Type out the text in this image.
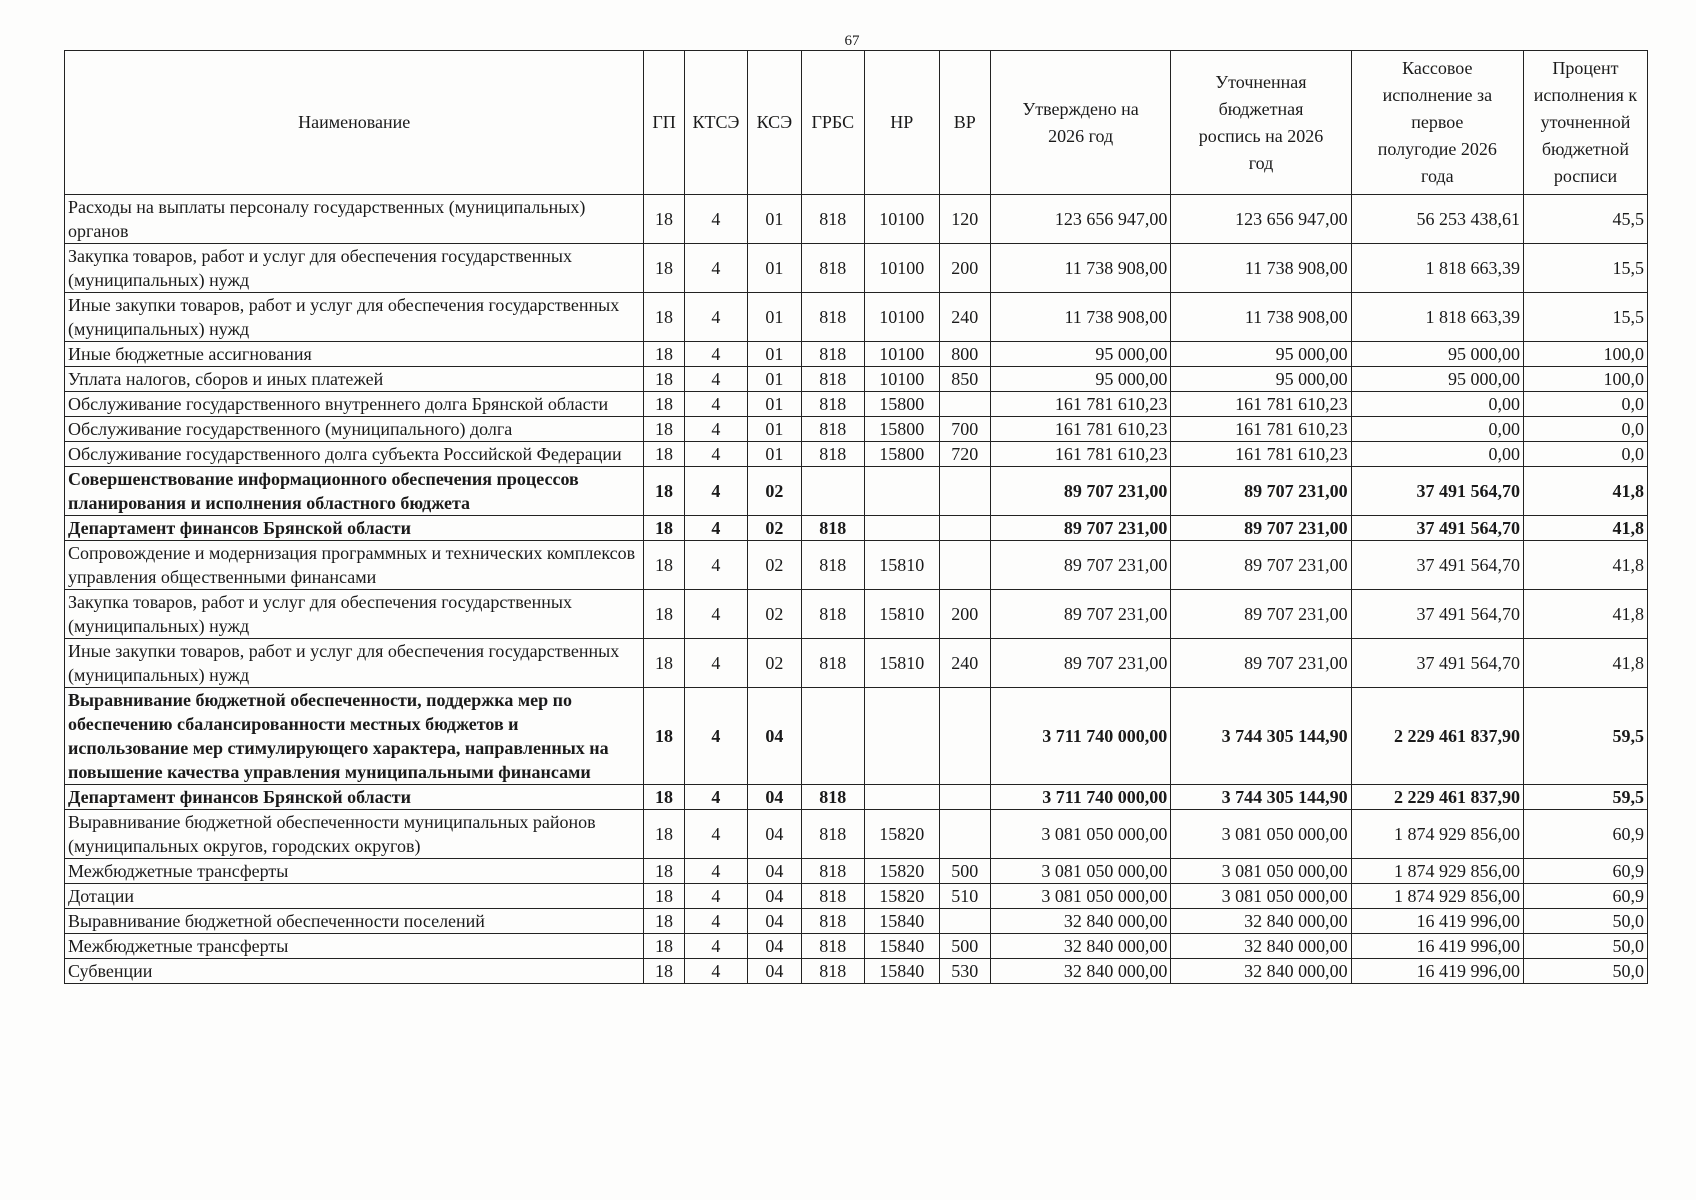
67
Наименование	ГП	КТСЭ	КСЭ	ГРБС	НР	ВР	Утверждено на 2026 год	Уточненная бюджетная роспись на 2026 год	Кассовое исполнение за первое полугодие 2026 года	Процент исполнения к уточненной бюджетной росписи
Расходы на выплаты персоналу государственных (муниципальных) органов	18	4	01	818	10100	120	123 656 947,00	123 656 947,00	56 253 438,61	45,5
Закупка товаров, работ и услуг для обеспечения государственных (муниципальных) нужд	18	4	01	818	10100	200	11 738 908,00	11 738 908,00	1 818 663,39	15,5
Иные закупки товаров, работ и услуг для обеспечения государственных (муниципальных) нужд	18	4	01	818	10100	240	11 738 908,00	11 738 908,00	1 818 663,39	15,5
Иные бюджетные ассигнования	18	4	01	818	10100	800	95 000,00	95 000,00	95 000,00	100,0
Уплата налогов, сборов и иных платежей	18	4	01	818	10100	850	95 000,00	95 000,00	95 000,00	100,0
Обслуживание государственного внутреннего долга Брянской области	18	4	01	818	15800		161 781 610,23	161 781 610,23	0,00	0,0
Обслуживание государственного (муниципального) долга	18	4	01	818	15800	700	161 781 610,23	161 781 610,23	0,00	0,0
Обслуживание государственного долга субъекта Российской Федерации	18	4	01	818	15800	720	161 781 610,23	161 781 610,23	0,00	0,0
Совершенствование информационного обеспечения процессов планирования и исполнения областного бюджета	18	4	02				89 707 231,00	89 707 231,00	37 491 564,70	41,8
Департамент финансов Брянской области	18	4	02	818			89 707 231,00	89 707 231,00	37 491 564,70	41,8
Сопровождение и модернизация программных и технических комплексов управления общественными финансами	18	4	02	818	15810		89 707 231,00	89 707 231,00	37 491 564,70	41,8
Закупка товаров, работ и услуг для обеспечения государственных (муниципальных) нужд	18	4	02	818	15810	200	89 707 231,00	89 707 231,00	37 491 564,70	41,8
Иные закупки товаров, работ и услуг для обеспечения государственных (муниципальных) нужд	18	4	02	818	15810	240	89 707 231,00	89 707 231,00	37 491 564,70	41,8
Выравнивание бюджетной обеспеченности, поддержка мер по обеспечению сбалансированности местных бюджетов и использование мер стимулирующего характера, направленных на повышение качества управления муниципальными финансами	18	4	04				3 711 740 000,00	3 744 305 144,90	2 229 461 837,90	59,5
Департамент финансов Брянской области	18	4	04	818			3 711 740 000,00	3 744 305 144,90	2 229 461 837,90	59,5
Выравнивание бюджетной обеспеченности муниципальных районов (муниципальных округов, городских округов)	18	4	04	818	15820		3 081 050 000,00	3 081 050 000,00	1 874 929 856,00	60,9
Межбюджетные трансферты	18	4	04	818	15820	500	3 081 050 000,00	3 081 050 000,00	1 874 929 856,00	60,9
Дотации	18	4	04	818	15820	510	3 081 050 000,00	3 081 050 000,00	1 874 929 856,00	60,9
Выравнивание бюджетной обеспеченности поселений	18	4	04	818	15840		32 840 000,00	32 840 000,00	16 419 996,00	50,0
Межбюджетные трансферты	18	4	04	818	15840	500	32 840 000,00	32 840 000,00	16 419 996,00	50,0
Субвенции	18	4	04	818	15840	530	32 840 000,00	32 840 000,00	16 419 996,00	50,0
